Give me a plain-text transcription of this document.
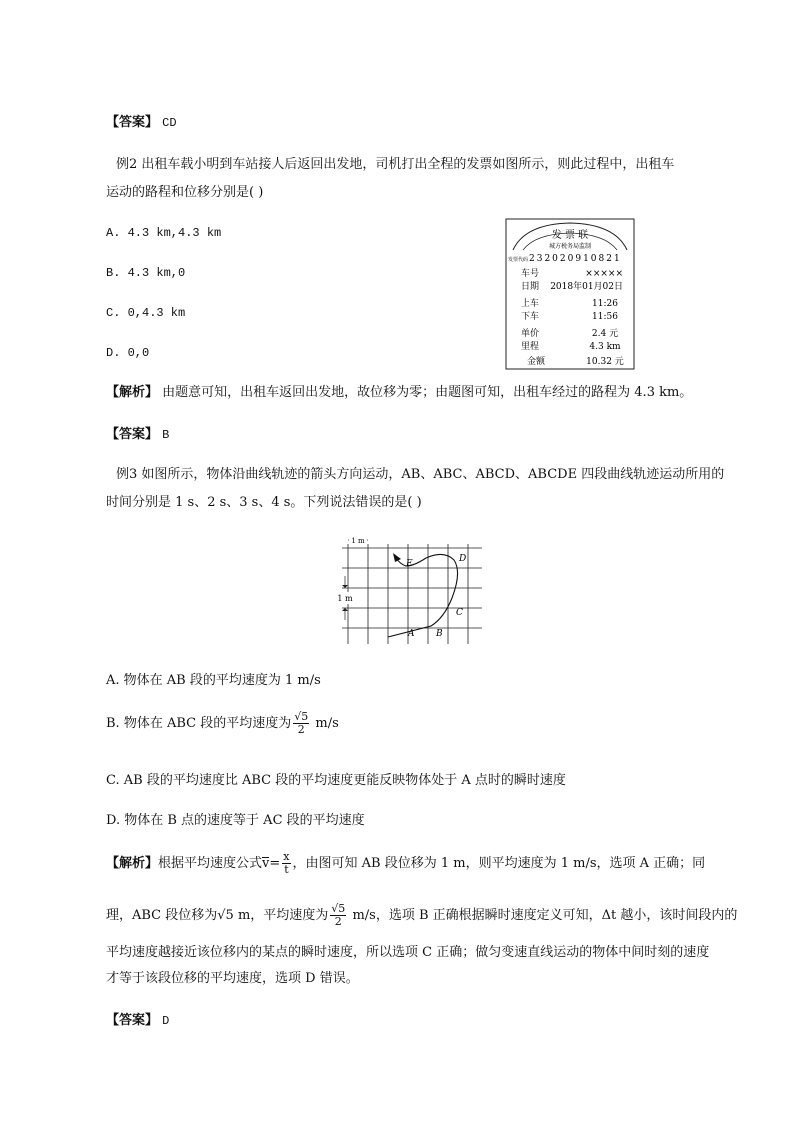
【答案】 CD
例2 出租车载小明到车站接人后返回出发地，司机打出全程的发票如图所示，则此过程中，出租车
运动的路程和位移分别是( )
A. 4.3 km,4.3 km
B. 4.3 km,0
C. 0,4.3 km
D. 0,0
发 票 联
城方税务局监制
发票代码 232020910821
车号	×××××
日期 2018年01月02日
上车	11:26
下车	11:56
单价	2.4 元
里程	4.3 km
金额	10.32 元
【解析】 由题意可知，出租车返回出发地，故位移为零；由题图可知，出租车经过的路程为 4.3 km。
【答案】 B
例3 如图所示，物体沿曲线轨迹的箭头方向运动，AB、ABC、ABCD、ABCDE 四段曲线轨迹运动所用的
时间分别是 1 s、2 s、3 s、4 s。下列说法错误的是( )
1 m
1 m
A B
C
D
E
A. 物体在 AB 段的平均速度为 1 m/s
B. 物体在 ABC 段的平均速度为 $\frac{√5}{2} m/s$
C. AB 段的平均速度比 ABC 段的平均速度更能反映物体处于 A 点时的瞬时速度
D. 物体在 B 点的速度等于 AC 段的平均速度
【解析】根据平均速度公式$v= \frac{x}{t}$ ，由图可知 AB 段位移为 1 m，则平均速度为 1 m/s，选项 A 正确；同
理，ABC 段位移为√5 m，平均速度为 $\frac{√5}{2} m/s$，选项 B 正确根据瞬时速度定义可知，Δt 越小，该时间段内的
平均速度越接近该位移内的某点的瞬时速度，所以选项 C 正确；做匀变速直线运动的物体中间时刻的速度
才等于该段位移的平均速度，选项 D 错误。
【答案】 D
